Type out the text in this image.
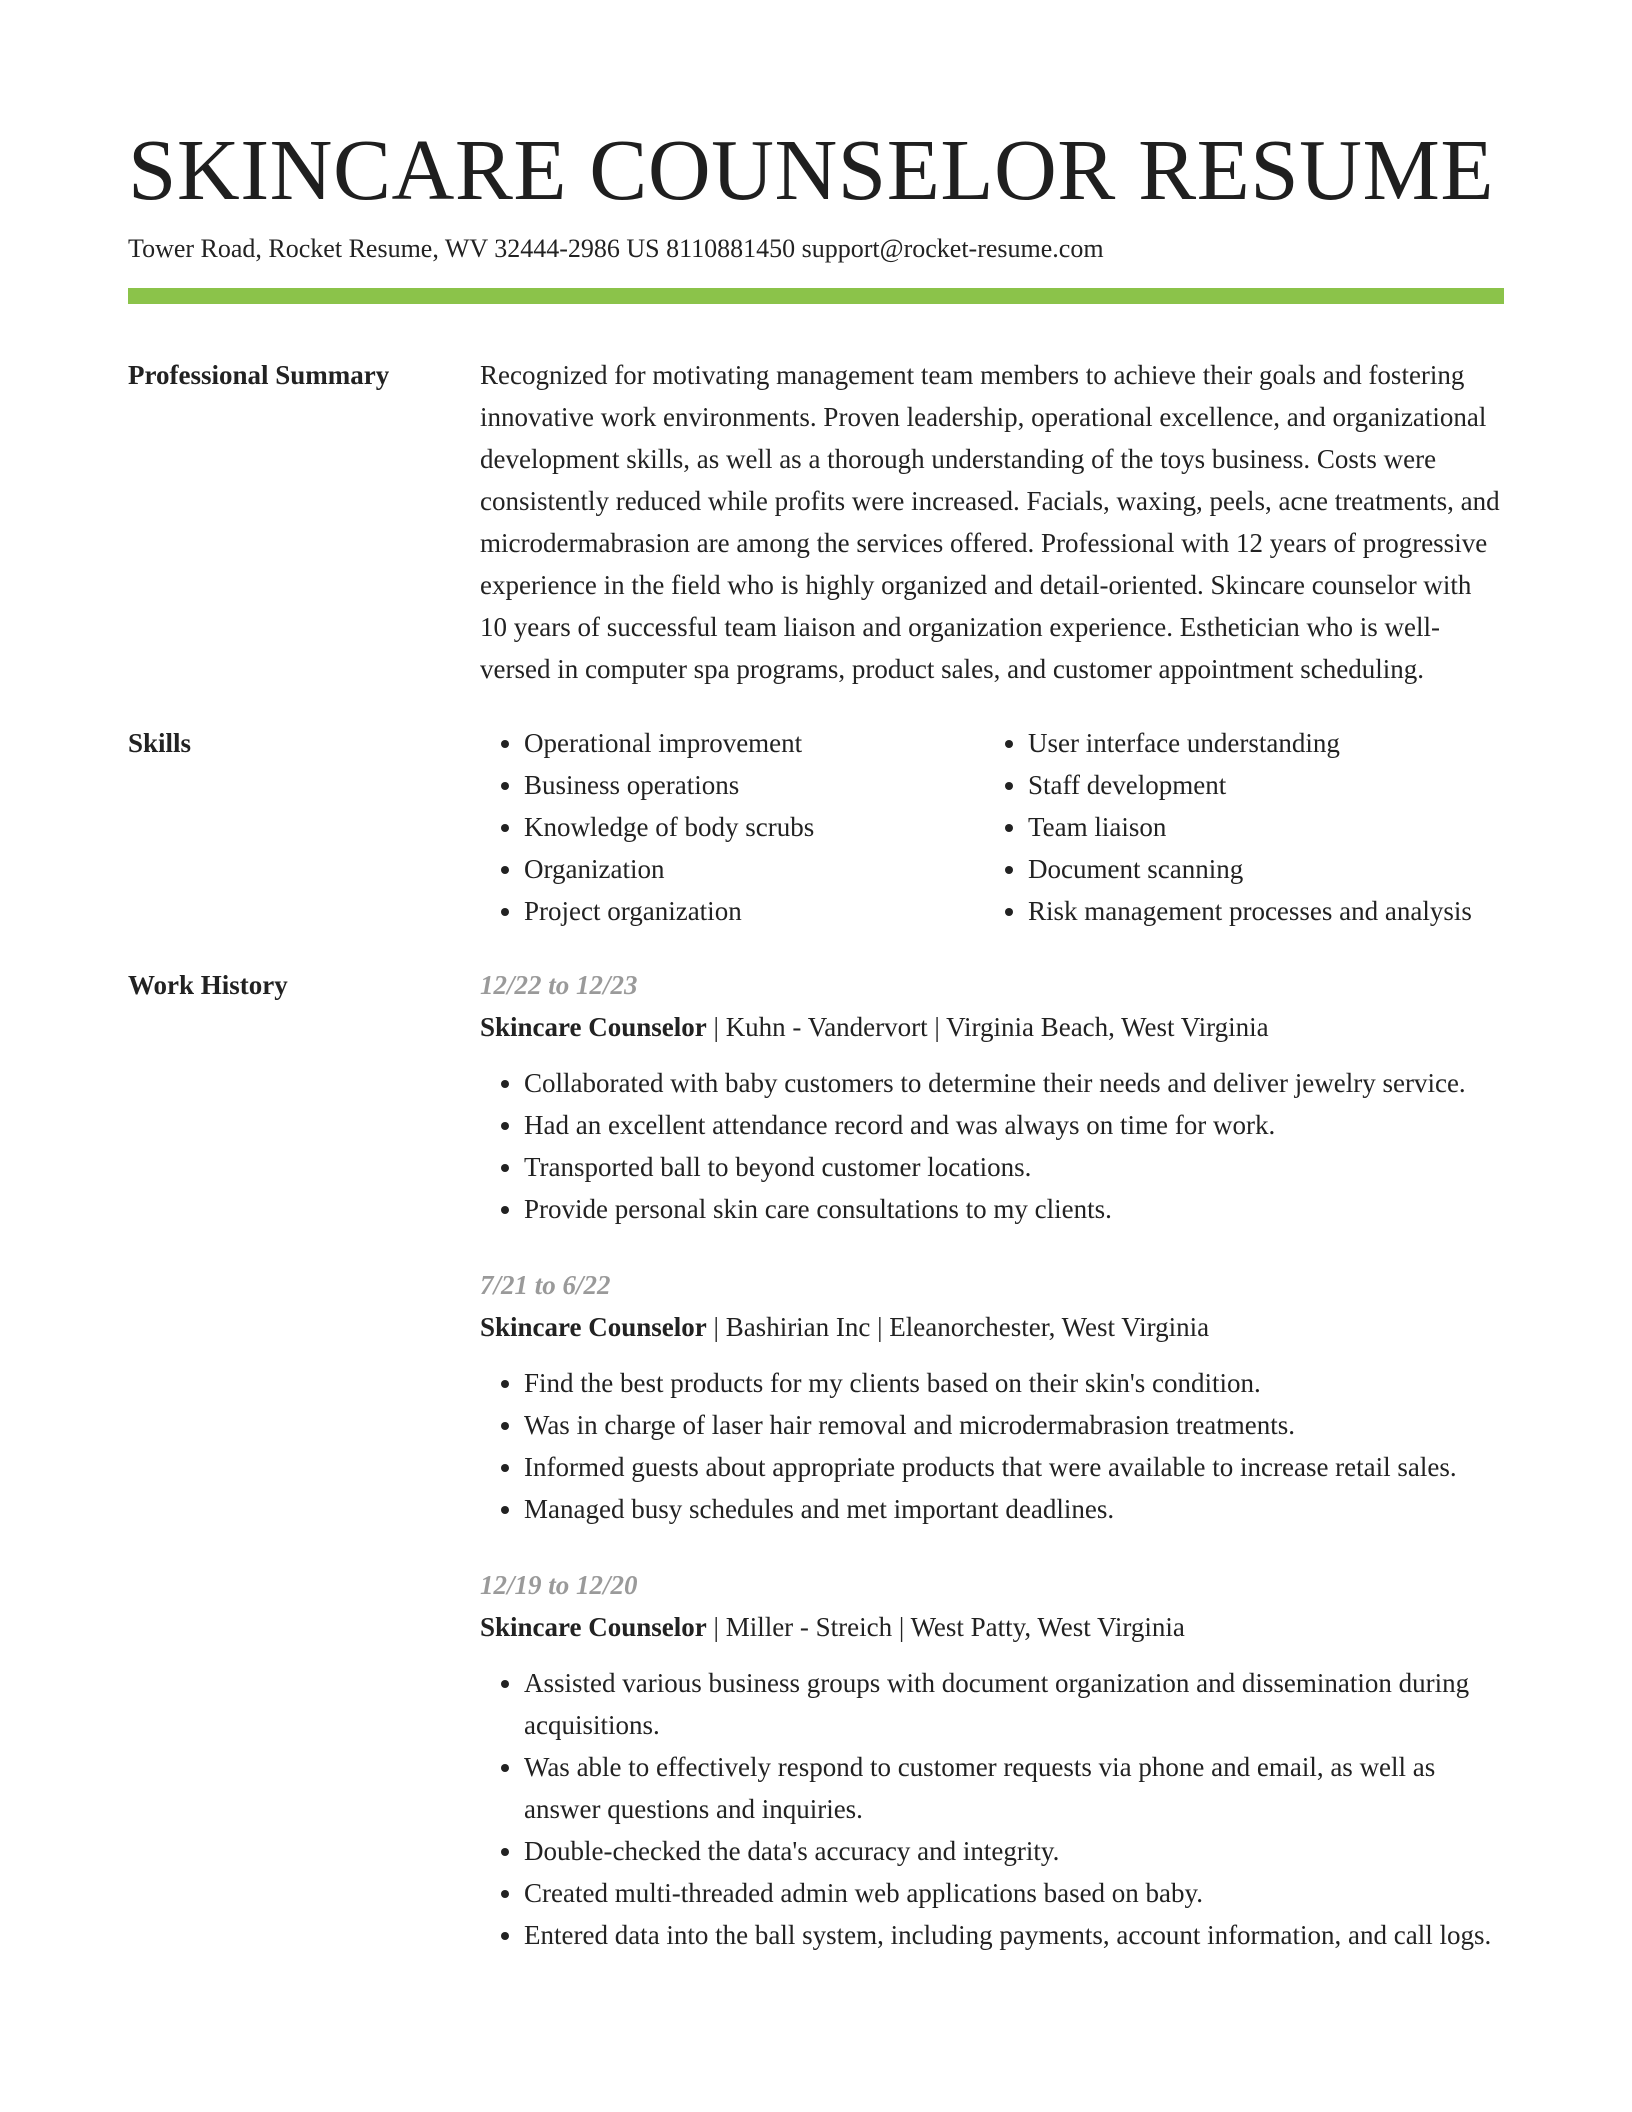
SKINCARE COUNSELOR RESUME
Tower Road, Rocket Resume, WV 32444-2986 US 8110881450 support@rocket-resume.com
Professional Summary	Recognized for motivating management team members to achieve their goals and fostering innovative work environments. Proven leadership, operational excellence, and organizational development skills, as well as a thorough understanding of the toys business. Costs were consistently reduced while profits were increased. Facials, waxing, peels, acne treatments, and microdermabrasion are among the services offered. Professional with 12 years of progressive experience in the field who is highly organized and detail-oriented. Skincare counselor with 10 years of successful team liaison and organization experience. Esthetician who is well-versed in computer spa programs, product sales, and customer appointment scheduling.
Skills
•	Operational improvement
• Business operations
• Knowledge of body scrubs
• Organization
• Project organization
• User interface understanding
• Staff development
• Team liaison
• Document scanning
• Risk management processes and analysis
Work History	12/22 to 12/23
Skincare Counselor | Kuhn - Vandervort | Virginia Beach, West Virginia
• Collaborated with baby customers to determine their needs and deliver jewelry service.
• Had an excellent attendance record and was always on time for work.
• Transported ball to beyond customer locations.
• Provide personal skin care consultations to my clients.
7/21 to 6/22
Skincare Counselor | Bashirian Inc | Eleanorchester, West Virginia
• Find the best products for my clients based on their skin's condition.
• Was in charge of laser hair removal and microdermabrasion treatments.
• Informed guests about appropriate products that were available to increase retail sales.
• Managed busy schedules and met important deadlines.
12/19 to 12/20
Skincare Counselor | Miller - Streich | West Patty, West Virginia
• Assisted various business groups with document organization and dissemination during acquisitions.
• Was able to effectively respond to customer requests via phone and email, as well as answer questions and inquiries.
• Double-checked the data's accuracy and integrity.
• Created multi-threaded admin web applications based on baby.
• Entered data into the ball system, including payments, account information, and call logs.
